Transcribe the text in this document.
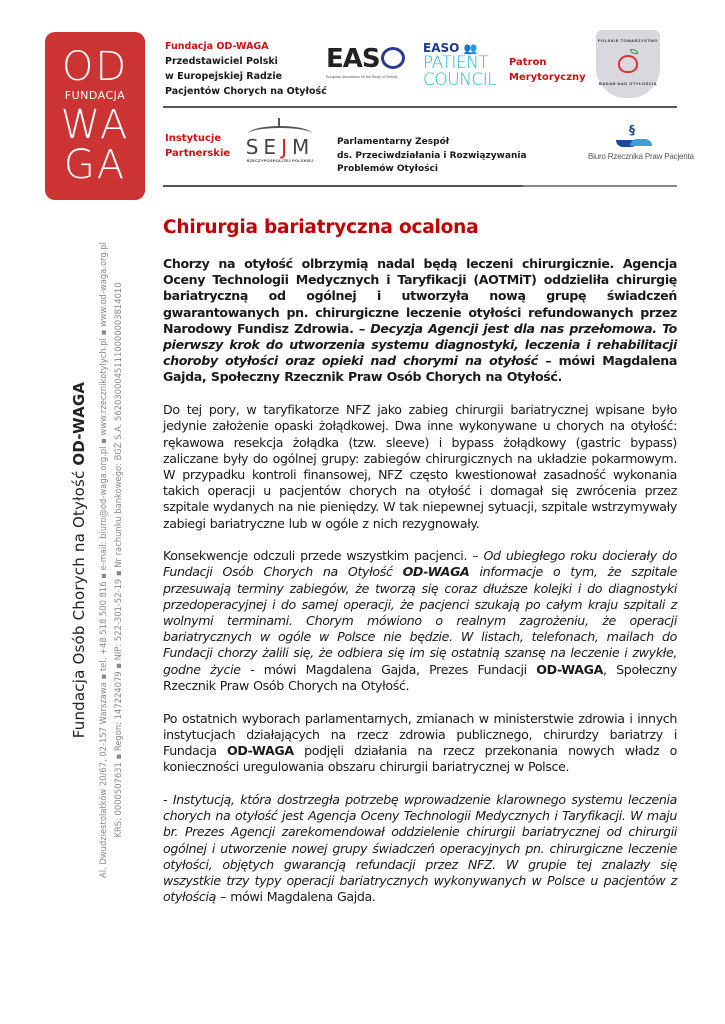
OD
FUNDACJA
WA
GA
Fundacja OD-WAGA
Przedstawiciel Polski
w Europejskiej Radzie
Pacjentów Chorych na Otyłość
EAS
European Association for the Study of Obesity
EASO 👥
PATIENT
COUNCIL
Patron
Merytoryczny
POLSKIE TOWARZYSTWO
BADAŃ NAD OTYŁOŚCIĄ
Instytucje
Partnerskie SEJM
RZECZYPOSPOLITEJ POLSKIEJ
Parlamentarny Zespół
ds. Przeciwdziałania i Rozwiązywania
Problemów Otyłości
§
Biuro Rzecznika Praw Pacjenta
Fundacja Osób Chorych na Otyłość OD-WAGA Al. Dwudziestolatków 20/67, 02-157 Warszawa ▪ tel. +48 518 500 816 ▪ e-mail: biuro@od-waga.org.pl ▪ www.rzecznikotylych.pl ▪ www.od-waga.org.pl KRS: 0000507631 ▪ Regon: 147224079 ▪ NIP: 522-301-52-19 ▪ Nr rachunku bankowego: BGŻ S.A. 56203000451110000003814010
Chirurgia bariatryczna ocalona

Chorzy na otyłość olbrzymią nadal będą leczeni chirurgicznie. Agencja Oceny Technologii Medycznych i Taryfikacji (AOTMiT) oddzieliła chirurgię bariatryczną od ogólnej i utworzyła nową grupę świadczeń gwarantowanych pn. chirurgiczne leczenie otyłości refundowanych przez Narodowy Fundisz Zdrowia. – Decyzja Agencji jest dla nas przełomowa. To pierwszy krok do utworzenia systemu diagnostyki, leczenia i rehabilitacji choroby otyłości oraz opieki nad chorymi na otyłość – mówi Magdalena Gajda, Społeczny Rzecznik Praw Osób Chorych na Otyłość.

Do tej pory, w taryfikatorze NFZ jako zabieg chirurgii bariatrycznej wpisane było jedynie założenie opaski żołądkowej. Dwa inne wykonywane u chorych na otyłość: rękawowa resekcja żołądka (tzw. sleeve) i bypass żołądkowy (gastric bypass) zaliczane były do ogólnej grupy: zabiegów chirurgicznych na układzie pokarmowym. W przypadku kontroli finansowej, NFZ często kwestionował zasadność wykonania takich operacji u pacjentów chorych na otyłość i domagał się zwrócenia przez szpitale wydanych na nie pieniędzy. W tak niepewnej sytuacji, szpitale wstrzymywały zabiegi bariatryczne lub w ogóle z nich rezygnowały.

Konsekwencje odczuli przede wszystkim pacjenci. – Od ubiegłego roku docierały do Fundacji Osób Chorych na Otyłość OD-WAGA informacje o tym, że szpitale przesuwają terminy zabiegów, że tworzą się coraz dłuższe kolejki i do diagnostyki przedoperacyjnej i do samej operacji, że pacjenci szukają po całym kraju szpitali z wolnymi terminami. Chorym mówiono o realnym zagrożeniu, że operacji bariatrycznych w ogóle w Polsce nie będzie. W listach, telefonach, mailach do Fundacji chorzy żalili się, że odbiera się im się ostatnią szansę na leczenie i zwykłe, godne życie - mówi Magdalena Gajda, Prezes Fundacji OD-WAGA, Społeczny Rzecznik Praw Osób Chorych na Otyłość.

Po ostatnich wyborach parlamentarnych, zmianach w ministerstwie zdrowia i innych instytucjach działających na rzecz zdrowia publicznego, chirurdzy bariatrzy i Fundacja OD-WAGA podjęli działania na rzecz przekonania nowych władz o konieczności uregulowania obszaru chirurgii bariatrycznej w Polsce.

- Instytucją, która dostrzegła potrzebę wprowadzenie klarownego systemu leczenia chorych na otyłość jest Agencja Oceny Technologii Medycznych i Taryfikacji. W maju br. Prezes Agencji zarekomendował oddzielenie chirurgii bariatrycznej od chirurgii ogólnej i utworzenie nowej grupy świadczeń operacyjnych pn. chirurgiczne leczenie otyłości, objętych gwarancją refundacji przez NFZ. W grupie tej znalazły się wszystkie trzy typy operacji bariatrycznych wykonywanych w Polsce u pacjentów z otyłością – mówi Magdalena Gajda.
